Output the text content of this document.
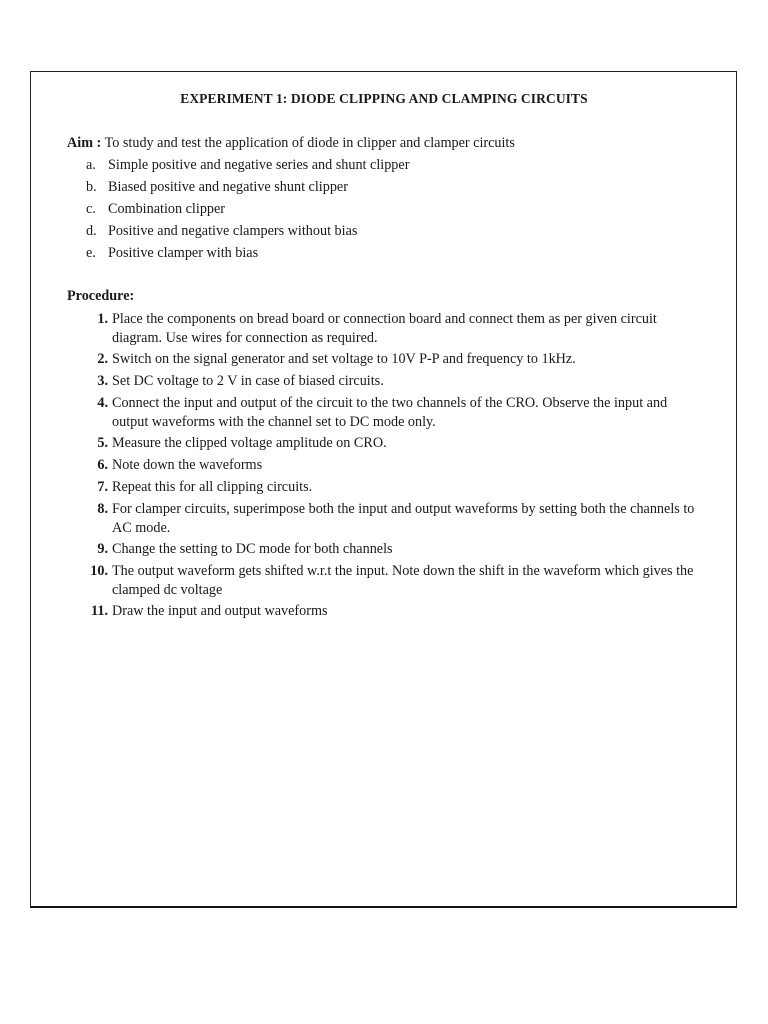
EXPERIMENT 1: DIODE CLIPPING AND CLAMPING CIRCUITS
Aim : To study and test the application of diode in clipper and clamper circuits
a. Simple positive and negative series and shunt clipper
b. Biased positive and negative shunt clipper
c. Combination clipper
d. Positive and negative clampers without bias
e. Positive clamper with bias
Procedure:
1. Place the components on bread board or connection board and connect them as per given circuit diagram. Use wires for connection as required.
2. Switch on the signal generator and set voltage to 10V P-P and frequency to 1kHz.
3. Set DC voltage to 2 V in case of biased circuits.
4. Connect the input and output of the circuit to the two channels of the CRO. Observe the input and output waveforms with the channel set to DC mode only.
5. Measure the clipped voltage amplitude on CRO.
6. Note down the waveforms
7. Repeat this for all clipping circuits.
8. For clamper circuits, superimpose both the input and output waveforms by setting both the channels to AC mode.
9. Change the setting to DC mode for both channels
10. The output waveform gets shifted w.r.t the input. Note down the shift in the waveform which gives the clamped dc voltage
11. Draw the input and output waveforms
